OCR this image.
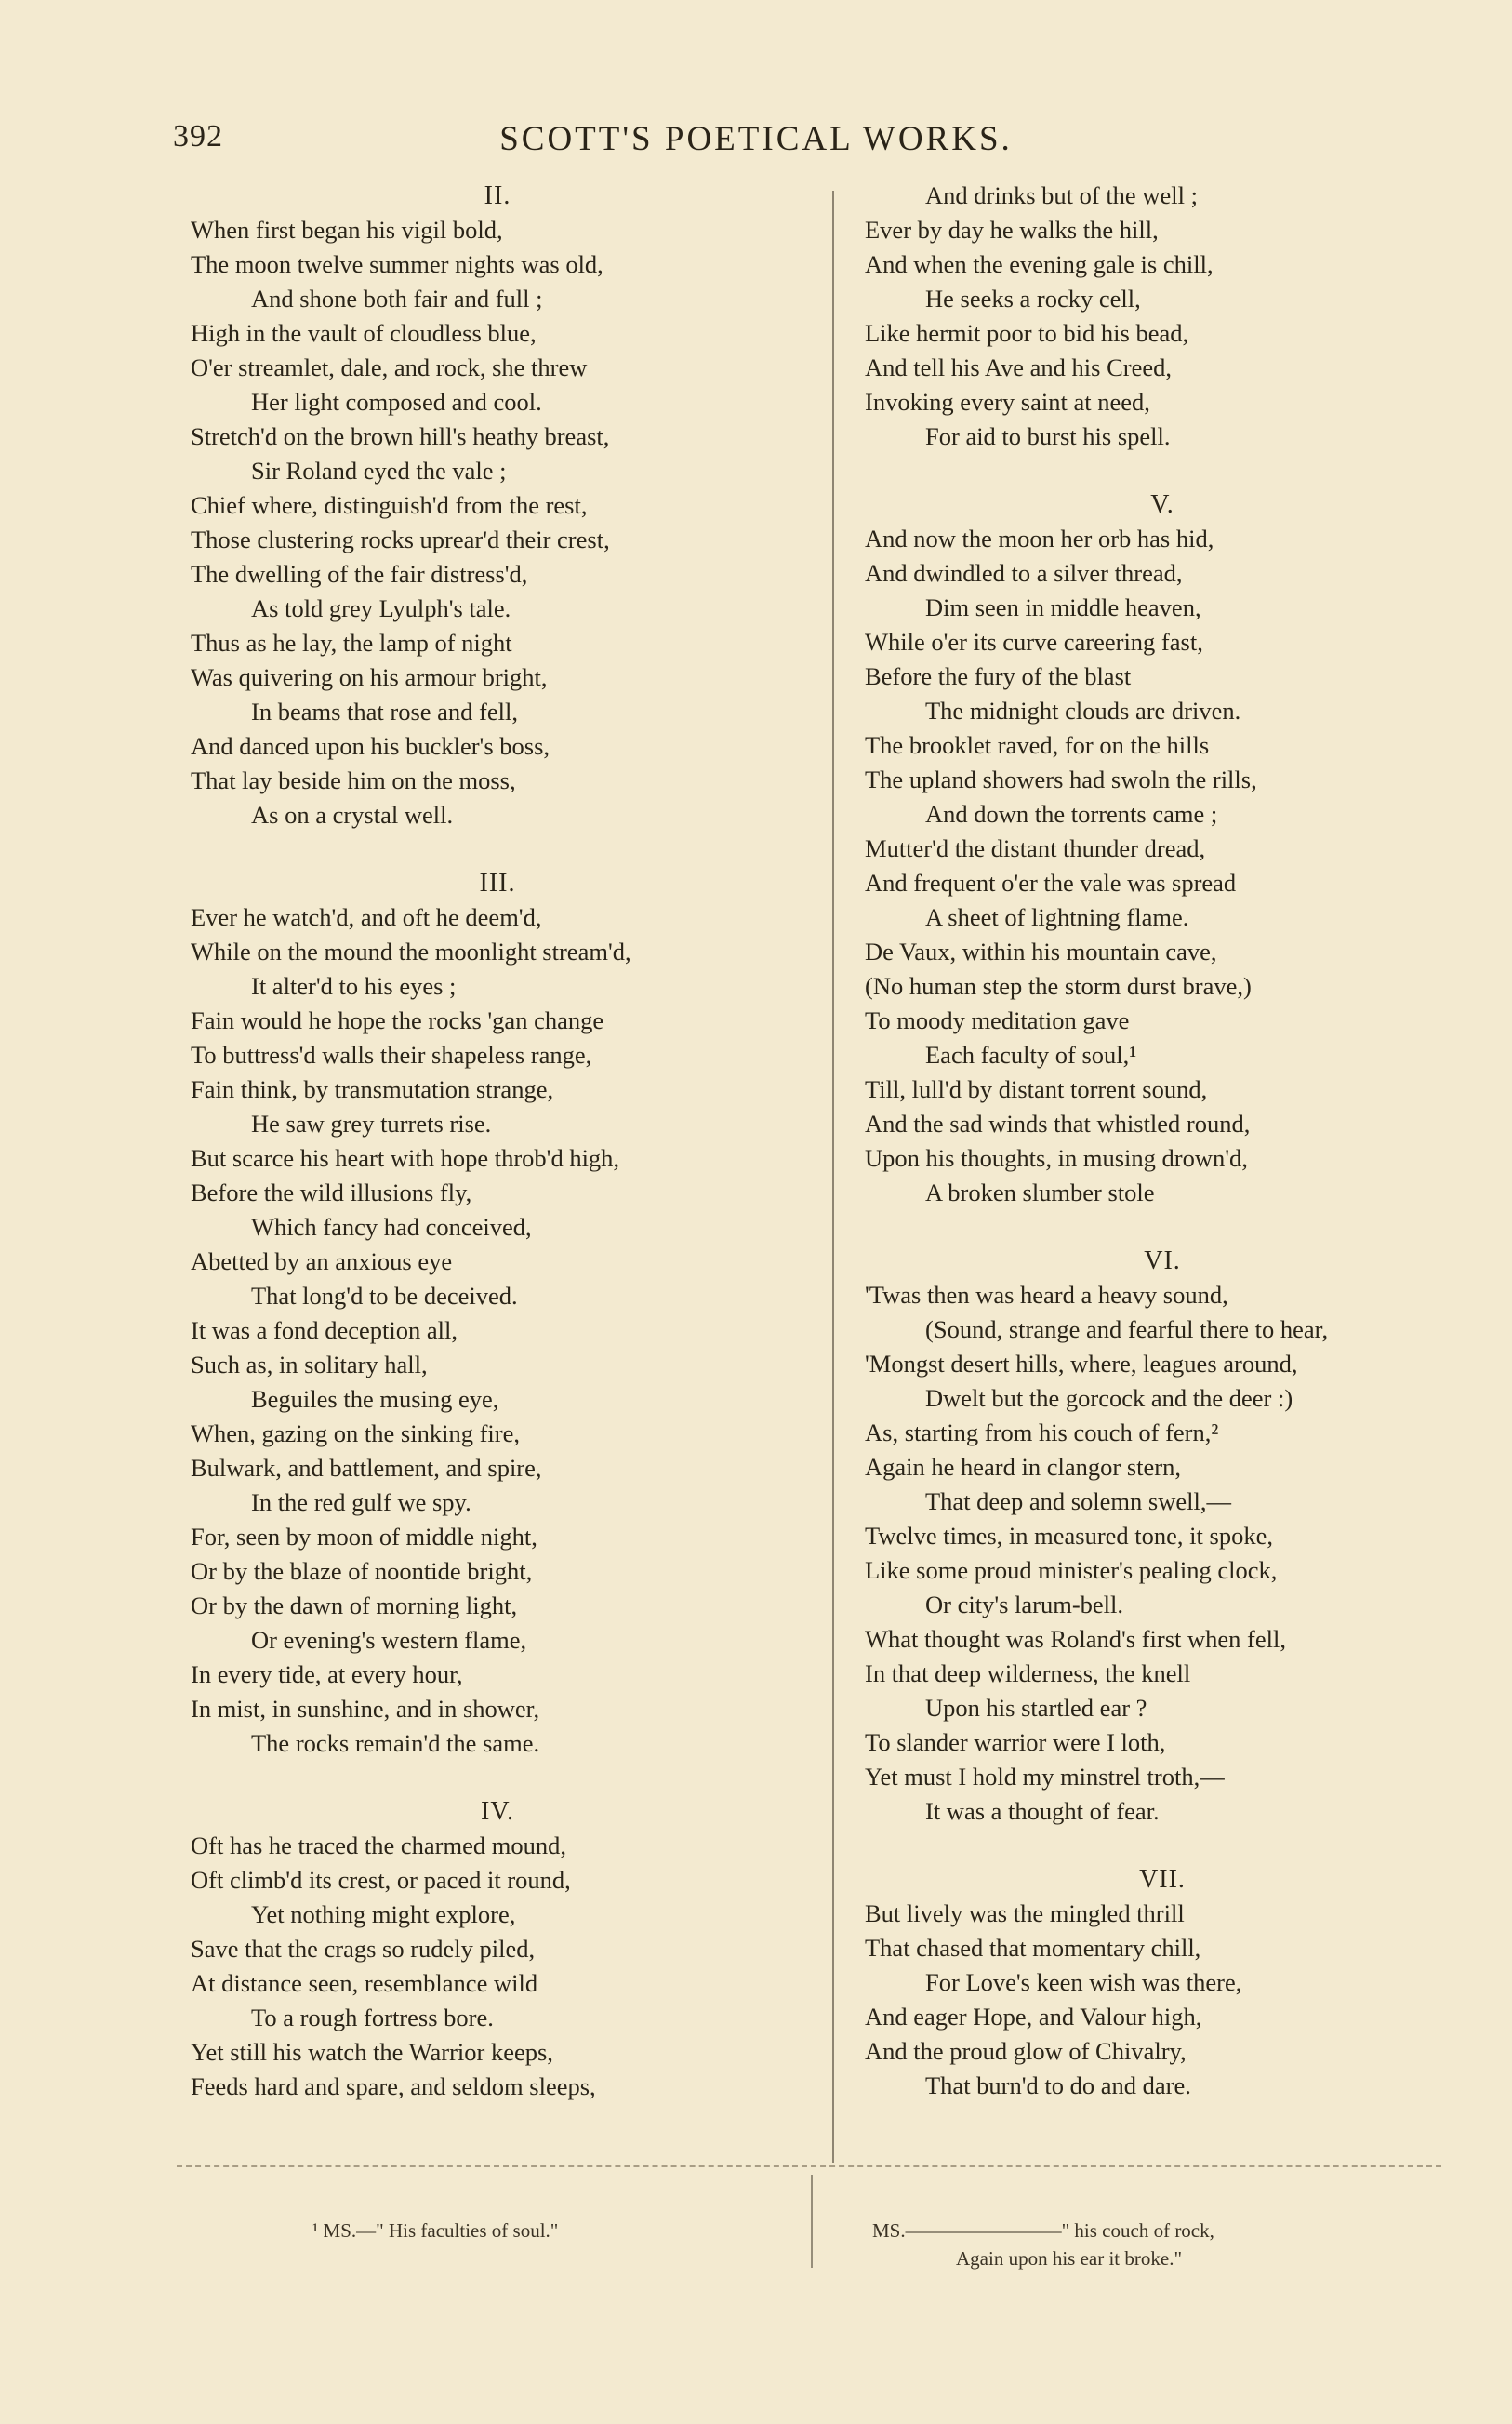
392	SCOTT'S POETICAL WORKS.
II.
When first began his vigil bold,
The moon twelve summer nights was old,
And shone both fair and full ;
High in the vault of cloudless blue,
O'er streamlet, dale, and rock, she threw
Her light composed and cool.
Stretch'd on the brown hill's heathy breast,
Sir Roland eyed the vale ;
Chief where, distinguish'd from the rest,
Those clustering rocks uprear'd their crest,
The dwelling of the fair distress'd,
As told grey Lyulph's tale.
Thus as he lay, the lamp of night
Was quivering on his armour bright,
In beams that rose and fell,
And danced upon his buckler's boss,
That lay beside him on the moss,
As on a crystal well.
III.
Ever he watch'd, and oft he deem'd,
While on the mound the moonlight stream'd,
It alter'd to his eyes ;
Fain would he hope the rocks 'gan change
To buttress'd walls their shapeless range,
Fain think, by transmutation strange,
He saw grey turrets rise.
But scarce his heart with hope throb'd high,
Before the wild illusions fly,
Which fancy had conceived,
Abetted by an anxious eye
That long'd to be deceived.
It was a fond deception all,
Such as, in solitary hall,
Beguiles the musing eye,
When, gazing on the sinking fire,
Bulwark, and battlement, and spire,
In the red gulf we spy.
For, seen by moon of middle night,
Or by the blaze of noontide bright,
Or by the dawn of morning light,
Or evening's western flame,
In every tide, at every hour,
In mist, in sunshine, and in shower,
The rocks remain'd the same.
IV.
Oft has he traced the charmed mound,
Oft climb'd its crest, or paced it round,
Yet nothing might explore,
Save that the crags so rudely piled,
At distance seen, resemblance wild
To a rough fortress bore.
Yet still his watch the Warrior keeps,
Feeds hard and spare, and seldom sleeps,
And drinks but of the well ;
Ever by day he walks the hill,
And when the evening gale is chill,
He seeks a rocky cell,
Like hermit poor to bid his bead,
And tell his Ave and his Creed,
Invoking every saint at need,
For aid to burst his spell.
V.
And now the moon her orb has hid,
And dwindled to a silver thread,
Dim seen in middle heaven,
While o'er its curve careering fast,
Before the fury of the blast
The midnight clouds are driven.
The brooklet raved, for on the hills
The upland showers had swoln the rills,
And down the torrents came ;
Mutter'd the distant thunder dread,
And frequent o'er the vale was spread
A sheet of lightning flame.
De Vaux, within his mountain cave,
(No human step the storm durst brave,)
To moody meditation gave
Each faculty of soul,¹
Till, lull'd by distant torrent sound,
And the sad winds that whistled round,
Upon his thoughts, in musing drown'd,
A broken slumber stole
VI.
'Twas then was heard a heavy sound,
(Sound, strange and fearful there to hear,
'Mongst desert hills, where, leagues around,
Dwelt but the gorcock and the deer :)
As, starting from his couch of fern,²
Again he heard in clangor stern,
That deep and solemn swell,—
Twelve times, in measured tone, it spoke,
Like some proud minister's pealing clock,
Or city's larum-bell.
What thought was Roland's first when fell,
In that deep wilderness, the knell
Upon his startled ear ?
To slander warrior were I loth,
Yet must I hold my minstrel troth,—
It was a thought of fear.
VII.
But lively was the mingled thrill
That chased that momentary chill,
For Love's keen wish was there,
And eager Hope, and Valour high,
And the proud glow of Chivalry,
That burn'd to do and dare.
¹ MS.—" His faculties of soul."	MS.————————" his couch of rock,
Again upon his ear it broke."
